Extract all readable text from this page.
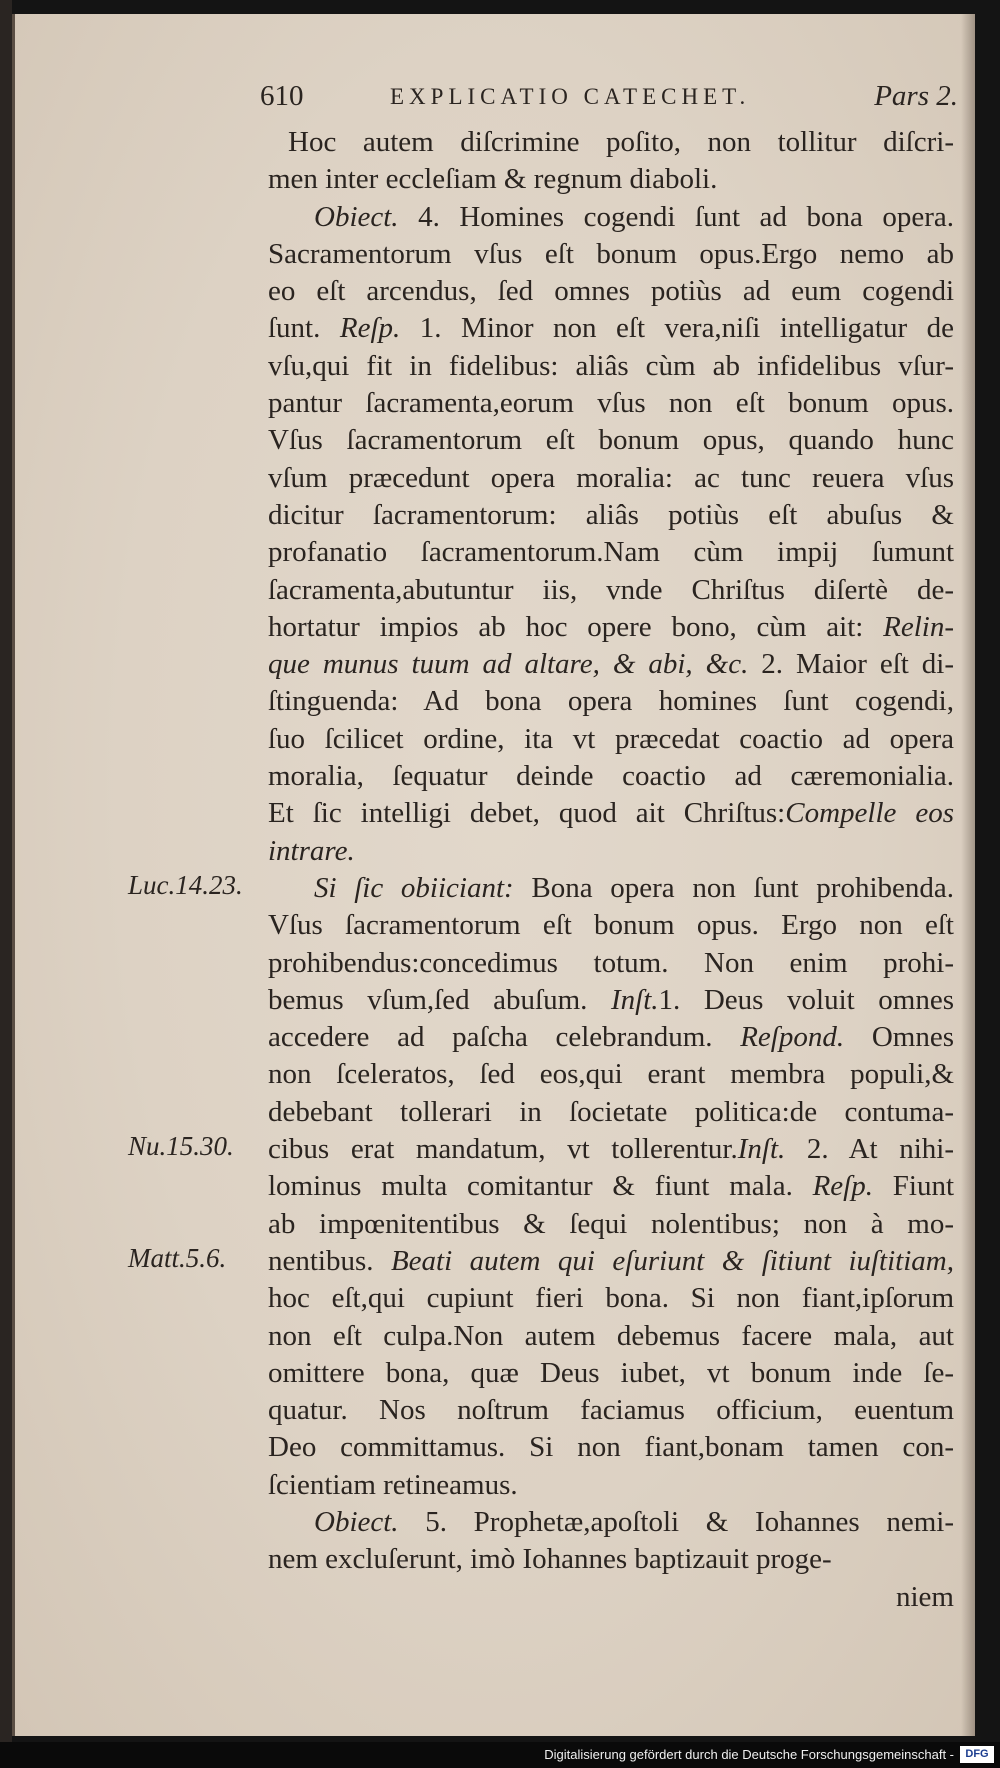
610	EXPLICATIO CATECHET.	Pars 2.
Hoc autem diſcrimine poſito, non tollitur diſcri-
men inter eccleſiam & regnum diaboli.
Obiect. 4. Homines cogendi ſunt ad bona opera.
Sacramentorum vſus eſt bonum opus.Ergo nemo ab
eo eſt arcendus, ſed omnes potiùs ad eum cogendi
ſunt. Reſp. 1. Minor non eſt vera,niſi intelligatur de
vſu,qui fit in fidelibus: aliâs cùm ab infidelibus vſur-
pantur ſacramenta,eorum vſus non eſt bonum opus.
Vſus ſacramentorum eſt bonum opus, quando hunc
vſum præcedunt opera moralia: ac tunc reuera vſus
dicitur ſacramentorum: aliâs potiùs eſt abuſus &
profanatio ſacramentorum.Nam cùm impij ſumunt
ſacramenta,abutuntur iis, vnde Chriſtus diſertè de-
hortatur impios ab hoc opere bono, cùm ait: Relin-
que munus tuum ad altare, & abi, &c. 2. Maior eſt di-
ſtinguenda: Ad bona opera homines ſunt cogendi,
ſuo ſcilicet ordine, ita vt præcedat coactio ad opera
moralia, ſequatur deinde coactio ad cæremonialia.
Et ſic intelligi debet, quod ait Chriſtus:Compelle eos
intrare.
Si ſic obiiciant: Bona opera non ſunt prohibenda.
Vſus ſacramentorum eſt bonum opus. Ergo non eſt
prohibendus:concedimus totum. Non enim prohi-
bemus vſum,ſed abuſum. Inſt.1. Deus voluit omnes
accedere ad paſcha celebrandum. Reſpond. Omnes
non ſceleratos, ſed eos,qui erant membra populi,&
debebant tollerari in ſocietate politica:de contuma-
cibus erat mandatum, vt tollerentur.Inſt. 2. At nihi-
lominus multa comitantur & fiunt mala. Reſp. Fiunt
ab impœnitentibus & ſequi nolentibus; non à mo-
nentibus. Beati autem qui eſuriunt & ſitiunt iuſtitiam,
hoc eſt,qui cupiunt fieri bona. Si non fiant,ipſorum
non eſt culpa.Non autem debemus facere mala, aut
omittere bona, quæ Deus iubet, vt bonum inde ſe-
quatur. Nos noſtrum faciamus officium, euentum
Deo committamus. Si non fiant,bonam tamen con-
ſcientiam retineamus.
Obiect. 5. Prophetæ,apoſtoli & Iohannes nemi-
nem excluſerunt, imò Iohannes baptizauit proge-
niem
Luc.14.23.
Nu.15.30.
Matt.5.6.
Digitalisierung gefördert durch die Deutsche Forschungsgemeinschaft -	DFG
